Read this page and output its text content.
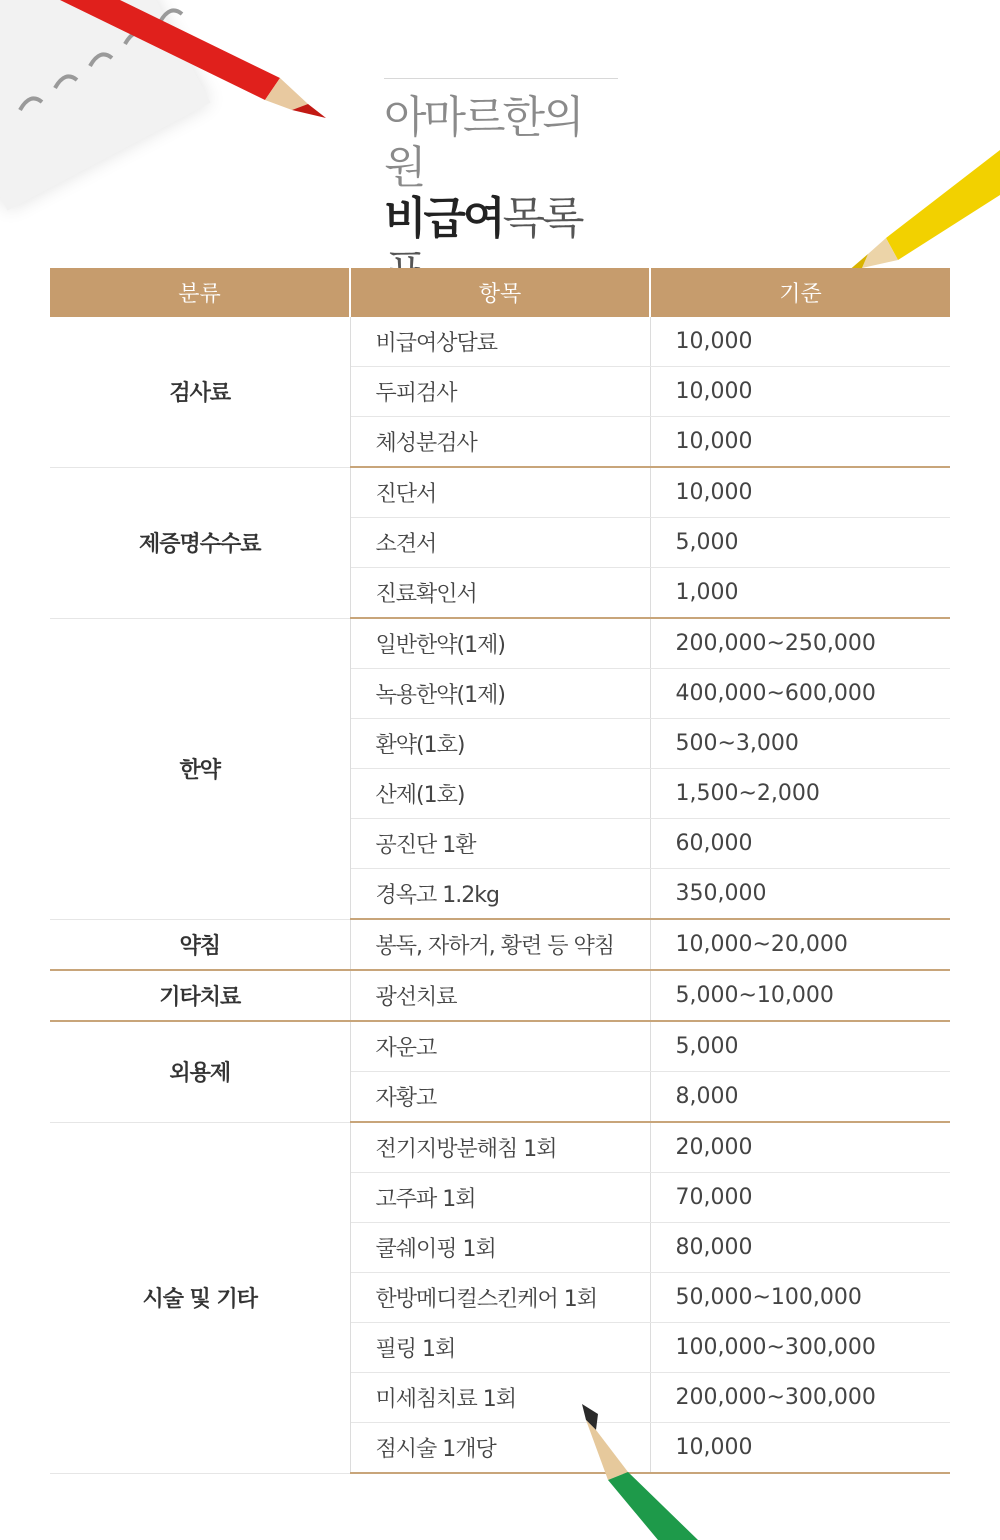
아마르한의원
비급여목록
분류	항목	기준
검사료	비급여상담료	10,000
	두피검사	10,000
	체성분검사	10,000
제증명수수료	진단서	10,000
	소견서	5,000
	진료확인서	1,000
한약	일반한약(1제)	200,000~250,000
	녹용한약(1제)	400,000~600,000
	환약(1호)	500~3,000
	산제(1호)	1,500~2,000
	공진단 1환	60,000
	경옥고 1.2kg	350,000
약침	봉독, 자하거, 황련 등 약침	10,000~20,000
기타치료	광선치료	5,000~10,000
외용제	자운고	5,000
	자황고	8,000
시술 및 기타	전기지방분해침 1회	20,000
	고주파 1회	70,000
	쿨쉐이핑 1회	80,000
	한방메디컬스킨케어 1회	50,000~100,000
	필링 1회	100,000~300,000
	미세침치료 1회	200,000~300,000
	점시술 1개당	10,000
